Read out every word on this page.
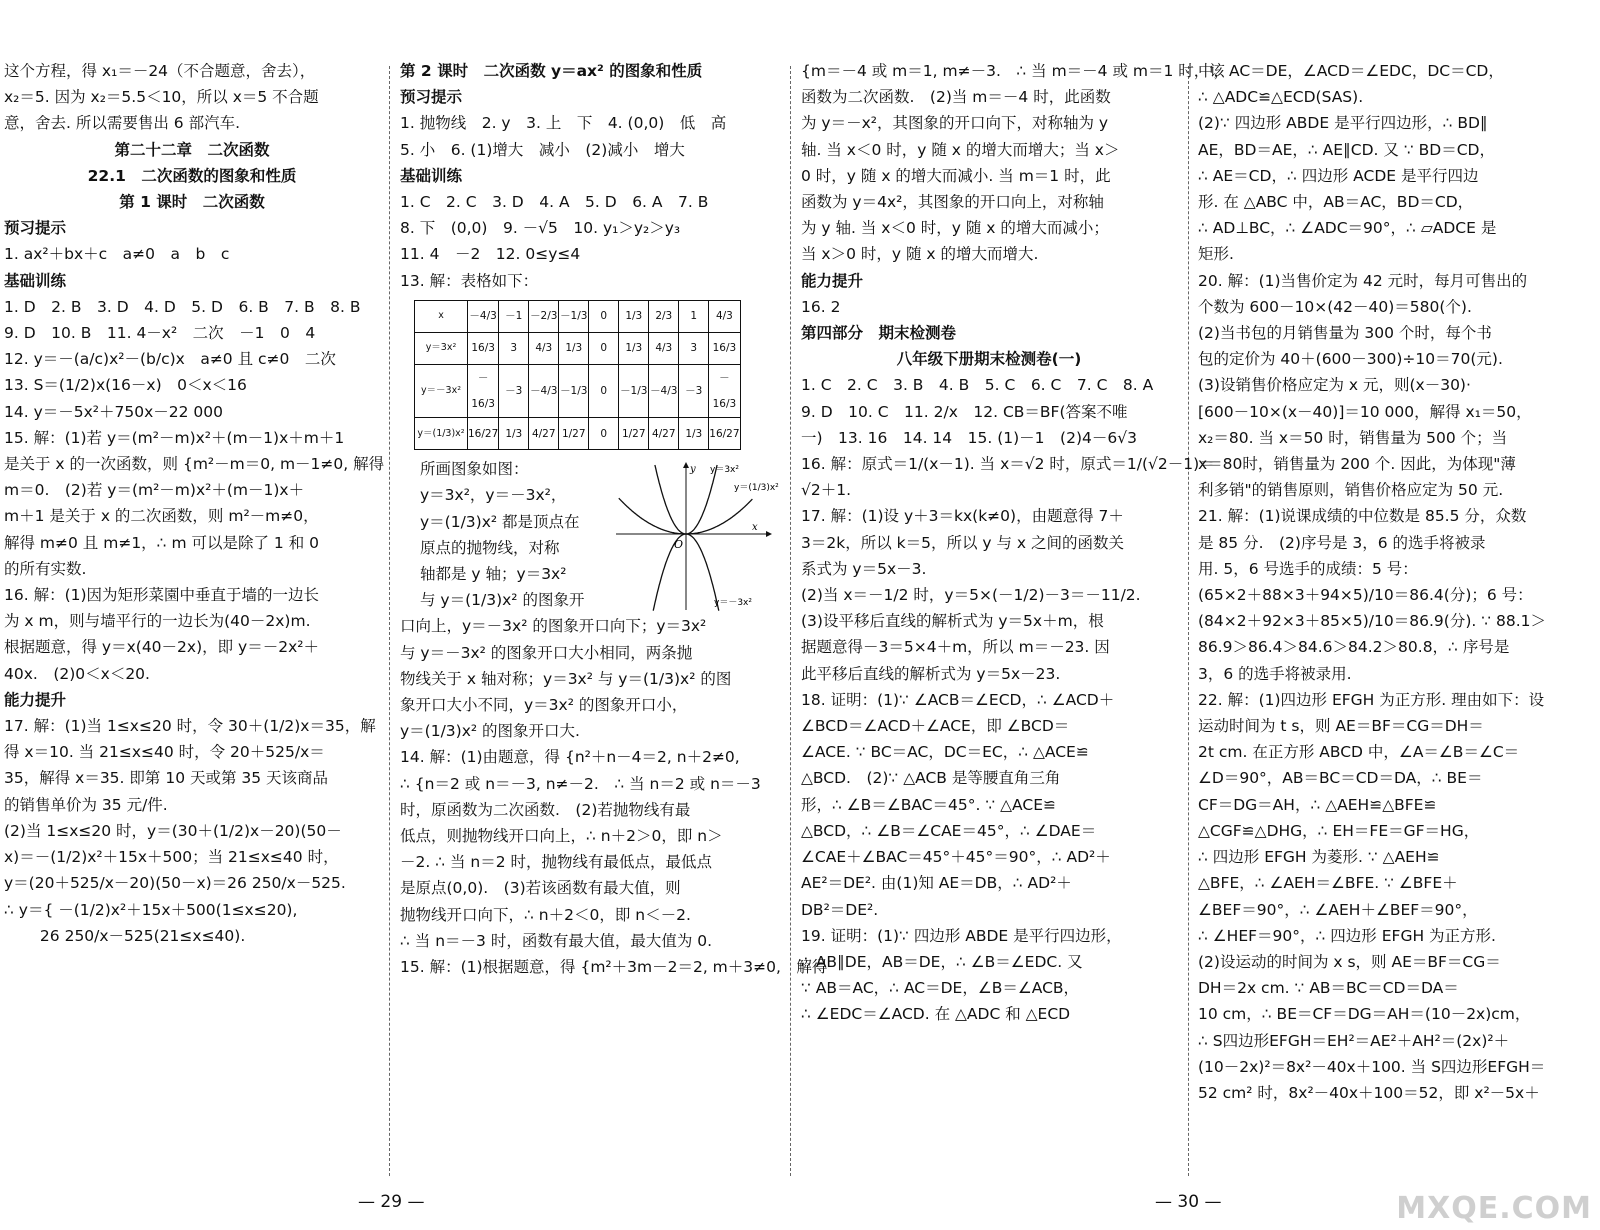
这个方程，得 x₁＝－24（不合题意，舍去），
x₂＝5. 因为 x₂＝5.5＜10，所以 x＝5 不合题
意，舍去. 所以需要售出 6 部汽车.
第二十二章　二次函数
22.1　二次函数的图象和性质
第 1 课时　二次函数
预习提示
1. ax²＋bx＋c　a≠0　a　b　c
基础训练
1. D　2. B　3. D　4. D　5. D　6. B　7. B　8. B
9. D　10. B　11. 4－x²　二次　－1　0　4
12. y＝－(a/c)x²－(b/c)x　a≠0 且 c≠0　二次
13. S＝(1/2)x(16－x)　0＜x＜16
14. y＝－5x²＋750x－22 000
15. 解：(1)若 y＝(m²－m)x²＋(m－1)x＋m＋1
是关于 x 的一次函数，则 {m²－m＝0, m－1≠0, 解得
m＝0.　(2)若 y＝(m²－m)x²＋(m－1)x＋
m＋1 是关于 x 的二次函数，则 m²－m≠0，
解得 m≠0 且 m≠1，∴ m 可以是除了 1 和 0
的所有实数.
16. 解：(1)因为矩形菜園中垂直于墙的一边长
为 x m，则与墙平行的一边长为(40－2x)m.
根据题意，得 y＝x(40－2x)，即 y＝－2x²＋
40x.　(2)0＜x＜20.
能力提升
17. 解：(1)当 1≤x≤20 时，令 30＋(1/2)x＝35，解
得 x＝10. 当 21≤x≤40 时，令 20＋525/x＝
35，解得 x＝35. 即第 10 天或第 35 天该商品
的销售单价为 35 元/件.
(2)当 1≤x≤20 时，y＝(30＋(1/2)x－20)(50－
x)＝－(1/2)x²＋15x＋500；当 21≤x≤40 时，
y＝(20＋525/x－20)(50－x)＝26 250/x－525.
∴ y＝{ －(1/2)x²＋15x＋500(1≤x≤20),
　　 26 250/x－525(21≤x≤40).
第 2 课时　二次函数 y＝ax² 的图象和性质
预习提示
1. 抛物线　2. y　3. 上　下　4. (0,0)　低　高
5. 小　6. (1)增大　减小　(2)减小　增大
基础训练
1. C　2. C　3. D　4. A　5. D　6. A　7. B
8. 下　(0,0)　9. －√5　10. y₁＞y₂＞y₃
11. 4　－2　12. 0≤y≤4
13. 解：表格如下：
x	－4/3	－1	－2/3	－1/3	0	1/3	2/3	1	4/3
y＝3x²	16/3	3	4/3	1/3	0	1/3	4/3	3	16/3
y＝－3x²	－16/3	－3	－4/3	－1/3	0	－1/3	－4/3	－3	－16/3
y＝(1/3)x²	16/27	1/3	4/27	1/27	0	1/27	4/27	1/3	16/27
所画图象如图：
y＝3x²，y＝－3x²，
y＝(1/3)x² 都是顶点在
原点的抛物线，对称
轴都是 y 轴；y＝3x²
与 y＝(1/3)x² 的图象开
口向上，y＝－3x² 的图象开口向下；y＝3x²
与 y＝－3x² 的图象开口大小相同，两条抛
物线关于 x 轴对称；y＝3x² 与 y＝(1/3)x² 的图
象开口大小不同，y＝3x² 的图象开口小，
y＝(1/3)x² 的图象开口大.
14. 解：(1)由题意，得 {n²＋n－4＝2, n＋2≠0,
∴ {n＝2 或 n＝－3, n≠－2.　∴ 当 n＝2 或 n＝－3
时，原函数为二次函数.　(2)若抛物线有最
低点，则抛物线开口向上，∴ n＋2＞0，即 n＞
－2. ∴ 当 n＝2 时，抛物线有最低点，最低点
是原点(0,0).　(3)若该函数有最大值，则
抛物线开口向下，∴ n＋2＜0，即 n＜－2.
∴ 当 n＝－3 时，函数有最大值，最大值为 0.
15. 解：(1)根据题意，得 {m²＋3m－2＝2, m＋3≠0,　解得
y＝3x²
y＝(1/3)x²
y＝－3x²
O
x
y
{m＝－4 或 m＝1, m≠－3.　∴ 当 m＝－4 或 m＝1 时，该
函数为二次函数.　(2)当 m＝－4 时，此函数
为 y＝－x²，其图象的开口向下，对称轴为 y
轴. 当 x＜0 时，y 随 x 的增大而增大；当 x＞
0 时，y 随 x 的增大而减小. 当 m＝1 时，此
函数为 y＝4x²，其图象的开口向上，对称轴
为 y 轴. 当 x＜0 时，y 随 x 的增大而减小；
当 x＞0 时，y 随 x 的增大而增大.
能力提升
16. 2
第四部分　期末检测卷
八年级下册期末检测卷(一)
1. C　2. C　3. B　4. B　5. C　6. C　7. C　8. A
9. D　10. C　11. 2/x　12. CB＝BF(答案不唯
一)　13. 16　14. 14　15. (1)－1　(2)4－6√3
16. 解：原式＝1/(x－1). 当 x＝√2 时，原式＝1/(√2－1)＝
√2＋1.
17. 解：(1)设 y＋3＝kx(k≠0)，由题意得 7＋
3＝2k，所以 k＝5，所以 y 与 x 之间的函数关
系式为 y＝5x－3.
(2)当 x＝－1/2 时，y＝5×(－1/2)－3＝－11/2.
(3)设平移后直线的解析式为 y＝5x＋m，根
据题意得－3＝5×4＋m，所以 m＝－23. 因
此平移后直线的解析式为 y＝5x－23.
18. 证明：(1)∵ ∠ACB＝∠ECD，∴ ∠ACD＋
∠BCD＝∠ACD＋∠ACE，即 ∠BCD＝
∠ACE. ∵ BC＝AC，DC＝EC，∴ △ACE≌
△BCD.　(2)∵ △ACB 是等腰直角三角
形，∴ ∠B＝∠BAC＝45°. ∵ △ACE≌
△BCD，∴ ∠B＝∠CAE＝45°，∴ ∠DAE＝
∠CAE＋∠BAC＝45°＋45°＝90°，∴ AD²＋
AE²＝DE². 由(1)知 AE＝DB，∴ AD²＋
DB²＝DE².
19. 证明：(1)∵ 四边形 ABDE 是平行四边形，
∴ AB∥DE，AB＝DE，∴ ∠B＝∠EDC. 又
∵ AB＝AC，∴ AC＝DE，∠B＝∠ACB，
∴ ∠EDC＝∠ACD. 在 △ADC 和 △ECD
中，AC＝DE，∠ACD＝∠EDC，DC＝CD，
∴ △ADC≌△ECD(SAS).
(2)∵ 四边形 ABDE 是平行四边形，∴ BD∥
AE，BD＝AE，∴ AE∥CD. 又 ∵ BD＝CD，
∴ AE＝CD，∴ 四边形 ACDE 是平行四边
形. 在 △ABC 中，AB＝AC，BD＝CD，
∴ AD⊥BC，∴ ∠ADC＝90°，∴ ▱ADCE 是
矩形.
20. 解：(1)当售价定为 42 元时，每月可售出的
个数为 600－10×(42－40)＝580(个).
(2)当书包的月销售量为 300 个时，每个书
包的定价为 40＋(600－300)÷10＝70(元).
(3)设销售价格应定为 x 元，则(x－30)·
[600－10×(x－40)]＝10 000，解得 x₁＝50，
x₂＝80. 当 x＝50 时，销售量为 500 个；当
x＝80时，销售量为 200 个. 因此，为体现"薄
利多销"的销售原则，销售价格应定为 50 元.
21. 解：(1)说课成绩的中位数是 85.5 分，众数
是 85 分.　(2)序号是 3，6 的选手将被录
用. 5，6 号选手的成绩：5 号：
(65×2＋88×3＋94×5)/10＝86.4(分)；6 号：
(84×2＋92×3＋85×5)/10＝86.9(分). ∵ 88.1＞
86.9＞86.4＞84.6＞84.2＞80.8，∴ 序号是
3，6 的选手将被录用.
22. 解：(1)四边形 EFGH 为正方形. 理由如下：设
运动时间为 t s，则 AE＝BF＝CG＝DH＝
2t cm. 在正方形 ABCD 中，∠A＝∠B＝∠C＝
∠D＝90°，AB＝BC＝CD＝DA，∴ BE＝
CF＝DG＝AH，∴ △AEH≌△BFE≌
△CGF≌△DHG，∴ EH＝FE＝GF＝HG，
∴ 四边形 EFGH 为菱形. ∵ △AEH≌
△BFE，∴ ∠AEH＝∠BFE. ∵ ∠BFE＋
∠BEF＝90°，∴ ∠AEH＋∠BEF＝90°，
∴ ∠HEF＝90°，∴ 四边形 EFGH 为正方形.
(2)设运动的时间为 x s，则 AE＝BF＝CG＝
DH＝2x cm. ∵ AB＝BC＝CD＝DA＝
10 cm，∴ BE＝CF＝DG＝AH＝(10－2x)cm，
∴ S四边形EFGH＝EH²＝AE²＋AH²＝(2x)²＋
(10－2x)²＝8x²－40x＋100. 当 S四边形EFGH＝
52 cm² 时，8x²－40x＋100＝52，即 x²－5x＋
— 29 —	— 30 —	MXQE.COM
